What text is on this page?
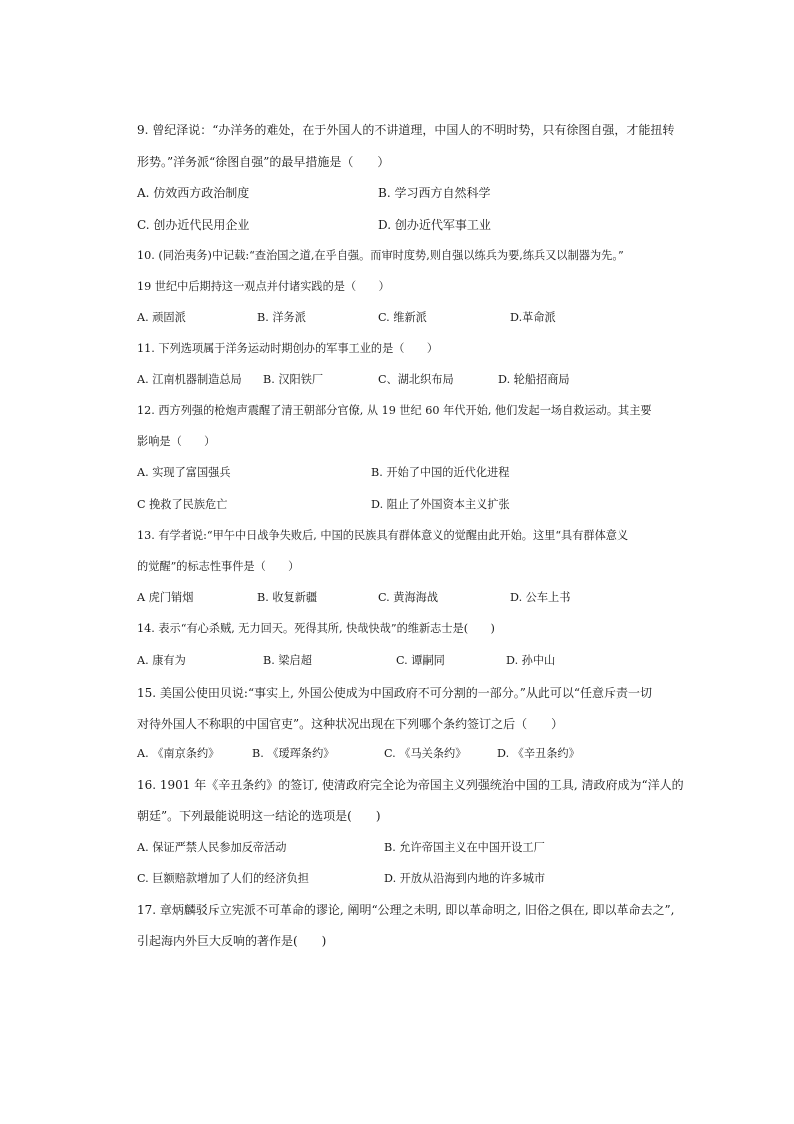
9. 曾纪泽说：“办洋务的难处，在于外国人的不讲道理，中国人的不明时势，只有徐图自强，才能扭转
形势。”洋务派“徐图自强”的最早措施是（　　）
A. 仿效西方政治制度	B. 学习西方自然科学
C. 创办近代民用企业	D. 创办近代军事工业
10. (同治夷务)中记载:“查治国之道,在乎自强。而审时度势,则自强以练兵为要,练兵又以制器为先。”
19 世纪中后期持这一观点并付诸实践的是（　　）
A. 顽固派	B. 洋务派	C. 维新派	D.革命派
11. 下列选项属于洋务运动时期创办的军事工业的是（　　）
A. 江南机器制造总局 B. 汉阳铁厂	C、湖北织布局	D. 轮船招商局
12. 西方列强的枪炮声震醒了清王朝部分官僚, 从 19 世纪 60 年代开始, 他们发起一场自救运动。其主要
影响是（　　）
A. 实现了富国强兵	B. 开始了中国的近代化进程
C 挽救了民族危亡	D. 阻止了外国资本主义扩张
13. 有学者说:“甲午中日战争失败后, 中国的民族具有群体意义的觉醒由此开始。这里“具有群体意义
的觉醒”的标志性事件是（　　）
A 虎门销烟	B. 收复新疆	C. 黄海海战	D. 公车上书
14. 表示“有心杀贼, 无力回天。死得其所, 快哉快哉”的维新志士是(　　)
A. 康有为	B. 梁启超	C. 谭嗣同	D. 孙中山
15. 美国公使田贝说:“事实上, 外国公使成为中国政府不可分割的一部分。”从此可以“任意斥责一切
对待外国人不称职的中国官吏”。这种状况出现在下列哪个条约签订之后（　　）
A. 《南京条约》	B. 《瑷珲条约》	C. 《马关条约》	D. 《辛丑条约》
16. 1901 年《辛丑条约》的签订, 使清政府完全论为帝国主义列强统治中国的工具, 清政府成为“洋人的
朝廷”。下列最能说明这一结论的选项是(　　)
A. 保证严禁人民参加反帝活动	B. 允许帝国主义在中国开设工厂
C. 巨额赔款增加了人们的经济负担	D. 开放从沿海到内地的许多城市
17. 章炳麟驳斥立宪派不可革命的谬论, 阐明“公理之未明, 即以革命明之, 旧俗之俱在, 即以革命去之”,
引起海内外巨大反响的著作是(　　)
